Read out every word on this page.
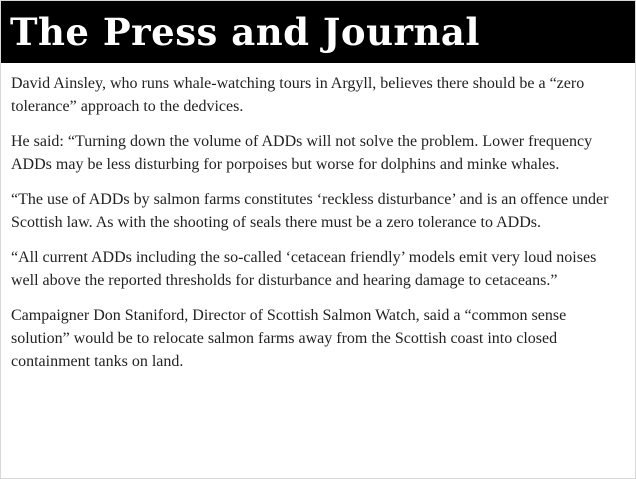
The Press and Journal

David Ainsley, who runs whale-watching tours in Argyll, believes there should be a “zero tolerance” approach to the dedvices.

He said: “Turning down the volume of ADDs will not solve the problem. Lower frequency ADDs may be less disturbing for porpoises but worse for dolphins and minke whales.

“The use of ADDs by salmon farms constitutes ‘reckless disturbance’ and is an offence under Scottish law. As with the shooting of seals there must be a zero tolerance to ADDs.

“All current ADDs including the so-called ‘cetacean friendly’ models emit very loud noises well above the reported thresholds for disturbance and hearing damage to cetaceans.”

Campaigner Don Staniford, Director of Scottish Salmon Watch, said a “common sense solution” would be to relocate salmon farms away from the Scottish coast into closed containment tanks on land.
